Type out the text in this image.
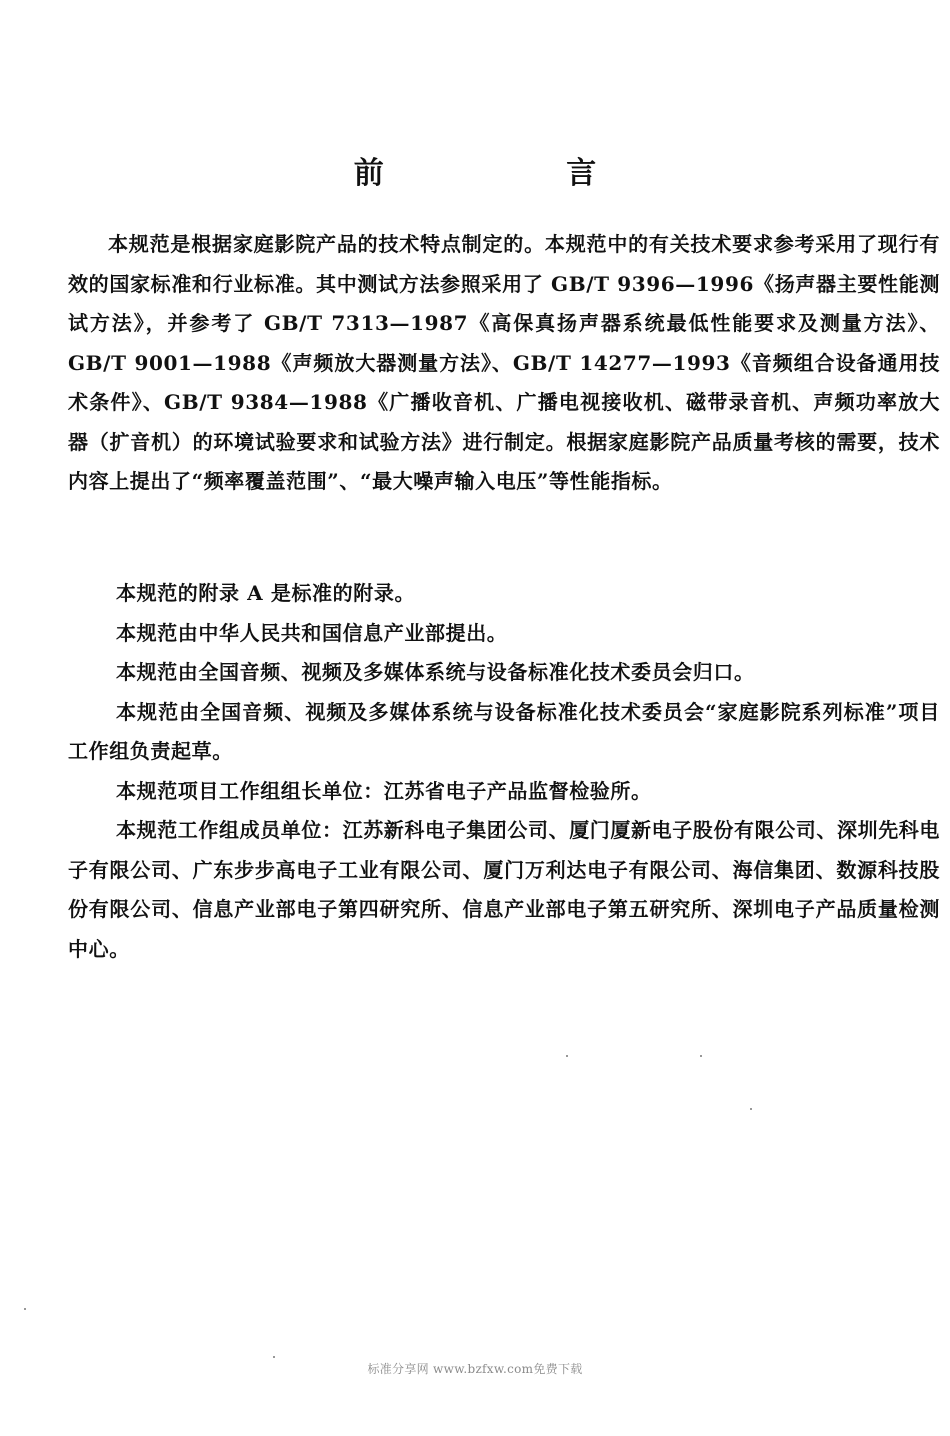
前 言

本规范是根据家庭影院产品的技术特点制定的。本规范中的有关技术要求参考采用了现行有效的国家标准和行业标准。其中测试方法参照采用了 GB/T 9396—1996《扬声器主要性能测试方法》，并参考了 GB/T 7313—1987《高保真扬声器系统最低性能要求及测量方法》、GB/T 9001—1988《声频放大器测量方法》、GB/T 14277—1993《音频组合设备通用技术条件》、GB/T 9384—1988《广播收音机、广播电视接收机、磁带录音机、声频功率放大器（扩音机）的环境试验要求和试验方法》进行制定。根据家庭影院产品质量考核的需要，技术内容上提出了“频率覆盖范围”、“最大噪声输入电压”等性能指标。

本规范的附录 A 是标准的附录。
本规范由中华人民共和国信息产业部提出。
本规范由全国音频、视频及多媒体系统与设备标准化技术委员会归口。
本规范由全国音频、视频及多媒体系统与设备标准化技术委员会“家庭影院系列标准”项目工作组负责起草。
本规范项目工作组组长单位：江苏省电子产品监督检验所。
本规范工作组成员单位：江苏新科电子集团公司、厦门厦新电子股份有限公司、深圳先科电子有限公司、广东步步高电子工业有限公司、厦门万利达电子有限公司、海信集团、数源科技股份有限公司、信息产业部电子第四研究所、信息产业部电子第五研究所、深圳电子产品质量检测中心。
标准分享网 www.bzfxw.com免费下载
